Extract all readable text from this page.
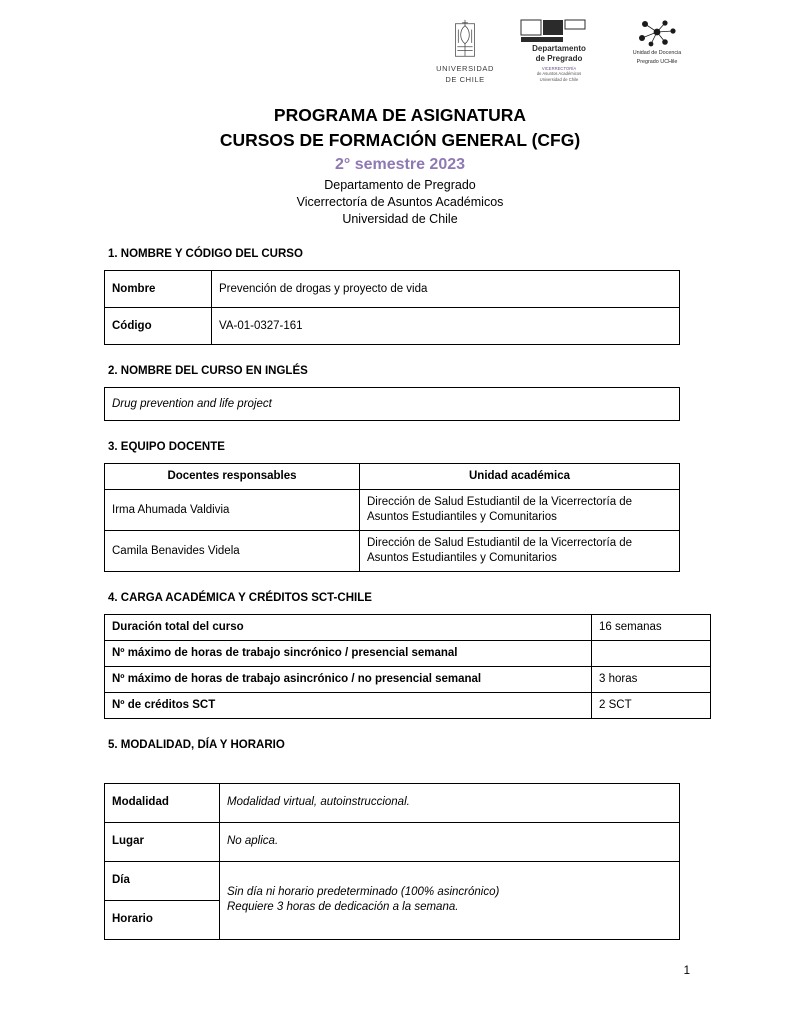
UNIVERSIDAD
DE CHILE
Departamento
de Pregrado
VICERRECTORÍA
de Asuntos Académicos
Universidad de Chile
Unidad de Docencia
Pregrado UCHile
PROGRAMA DE ASIGNATURA
CURSOS DE FORMACIÓN GENERAL (CFG)
2° semestre 2023
Departamento de Pregrado
Vicerrectoría de Asuntos Académicos
Universidad de Chile
1. NOMBRE Y CÓDIGO DEL CURSO
Nombre	Prevención de drogas y proyecto de vida
Código	VA-01-0327-161
2. NOMBRE DEL CURSO EN INGLÉS
Drug prevention and life project
3. EQUIPO DOCENTE
Docentes responsables	Unidad académica
Irma Ahumada Valdivia	Dirección de Salud Estudiantil de la Vicerrectoría de Asuntos Estudiantiles y Comunitarios
Camila Benavides Videla	Dirección de Salud Estudiantil de la Vicerrectoría de Asuntos Estudiantiles y Comunitarios
4. CARGA ACADÉMICA Y CRÉDITOS SCT-CHILE
Duración total del curso	16 semanas
Nº máximo de horas de trabajo sincrónico / presencial semanal	
Nº máximo de horas de trabajo asincrónico / no presencial semanal	3 horas
Nº de créditos SCT	2 SCT
5. MODALIDAD, DÍA Y HORARIO
Modalidad	Modalidad virtual, autoinstruccional.
Lugar	No aplica.
Día	Sin día ni horario predeterminado (100% asincrónico)
Requiere 3 horas de dedicación a la semana.

Horario	
1
